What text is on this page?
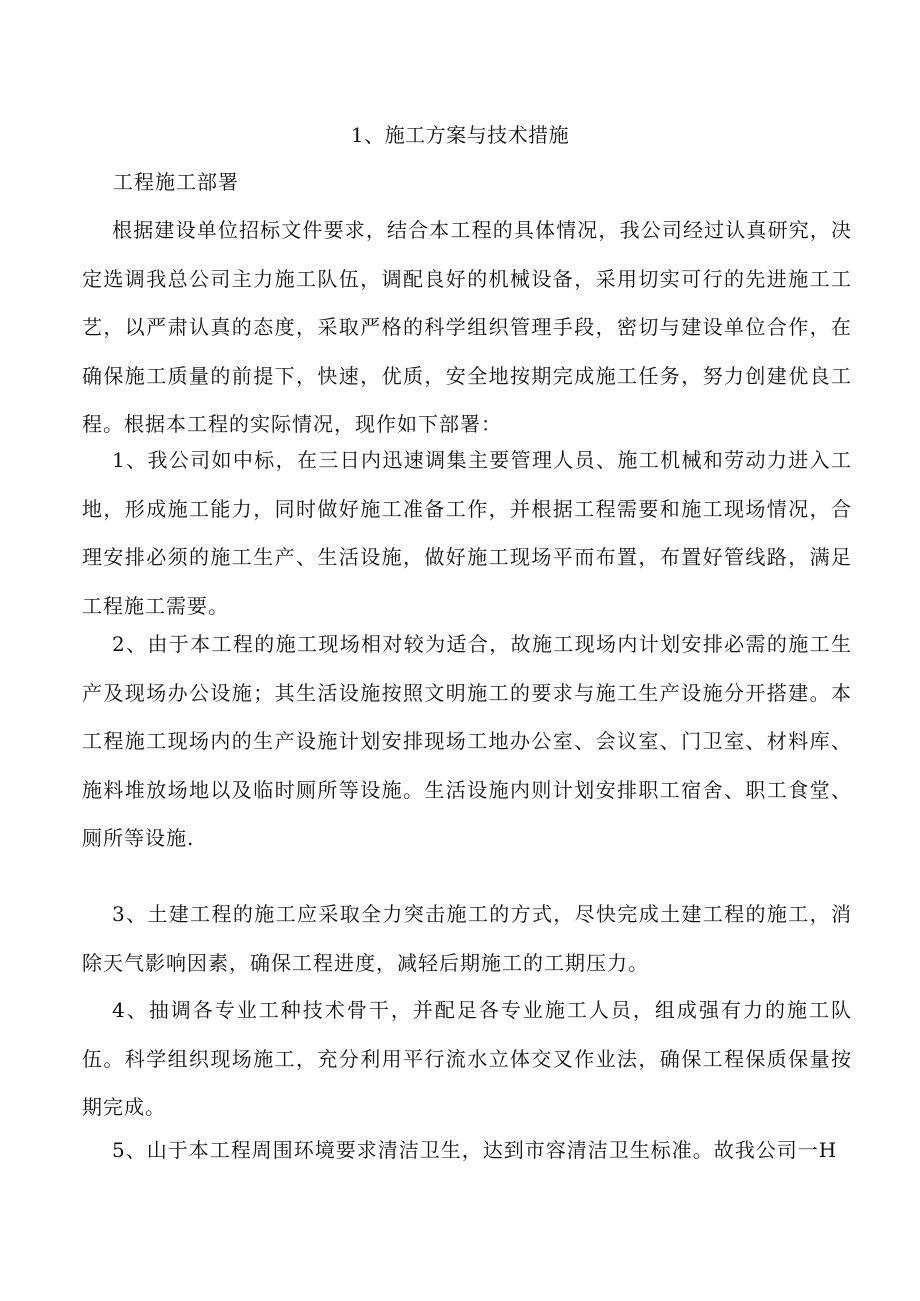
1、施工方案与技术措施
工程施工部署

根据建设单位招标文件要求，结合本工程的具体情况，我公司经过认真研究，决定选调我总公司主力施工队伍，调配良好的机械设备，采用切实可行的先进施工工艺，以严肃认真的态度，采取严格的科学组织管理手段，密切与建设单位合作，在确保施工质量的前提下，快速，优质，安全地按期完成施工任务，努力创建优良工程。根据本工程的实际情况，现作如下部署：

1、我公司如中标，在三日内迅速调集主要管理人员、施工机械和劳动力进入工地，形成施工能力，同时做好施工准备工作，并根据工程需要和施工现场情况，合理安排必须的施工生产、生活设施，做好施工现场平而布置，布置好管线路，满足工程施工需要。

2、由于本工程的施工现场相对较为适合，故施工现场内计划安排必需的施工生产及现场办公设施；其生活设施按照文明施工的要求与施工生产设施分开搭建。本工程施工现场内的生产设施计划安排现场工地办公室、会议室、门卫室、材料库、施料堆放场地以及临时厕所等设施。生活设施内则计划安排职工宿舍、职工食堂、厕所等设施.

3、土建工程的施工应采取全力突击施工的方式，尽快完成土建工程的施工，消除天气影响因素，确保工程进度，减轻后期施工的工期压力。

4、抽调各专业工种技术骨干，并配足各专业施工人员，组成强有力的施工队伍。科学组织现场施工，充分利用平行流水立体交叉作业法，确保工程保质保量按期完成。

5、山于本工程周围环境要求清洁卫生，达到市容清洁卫生标准。故我公司一H
